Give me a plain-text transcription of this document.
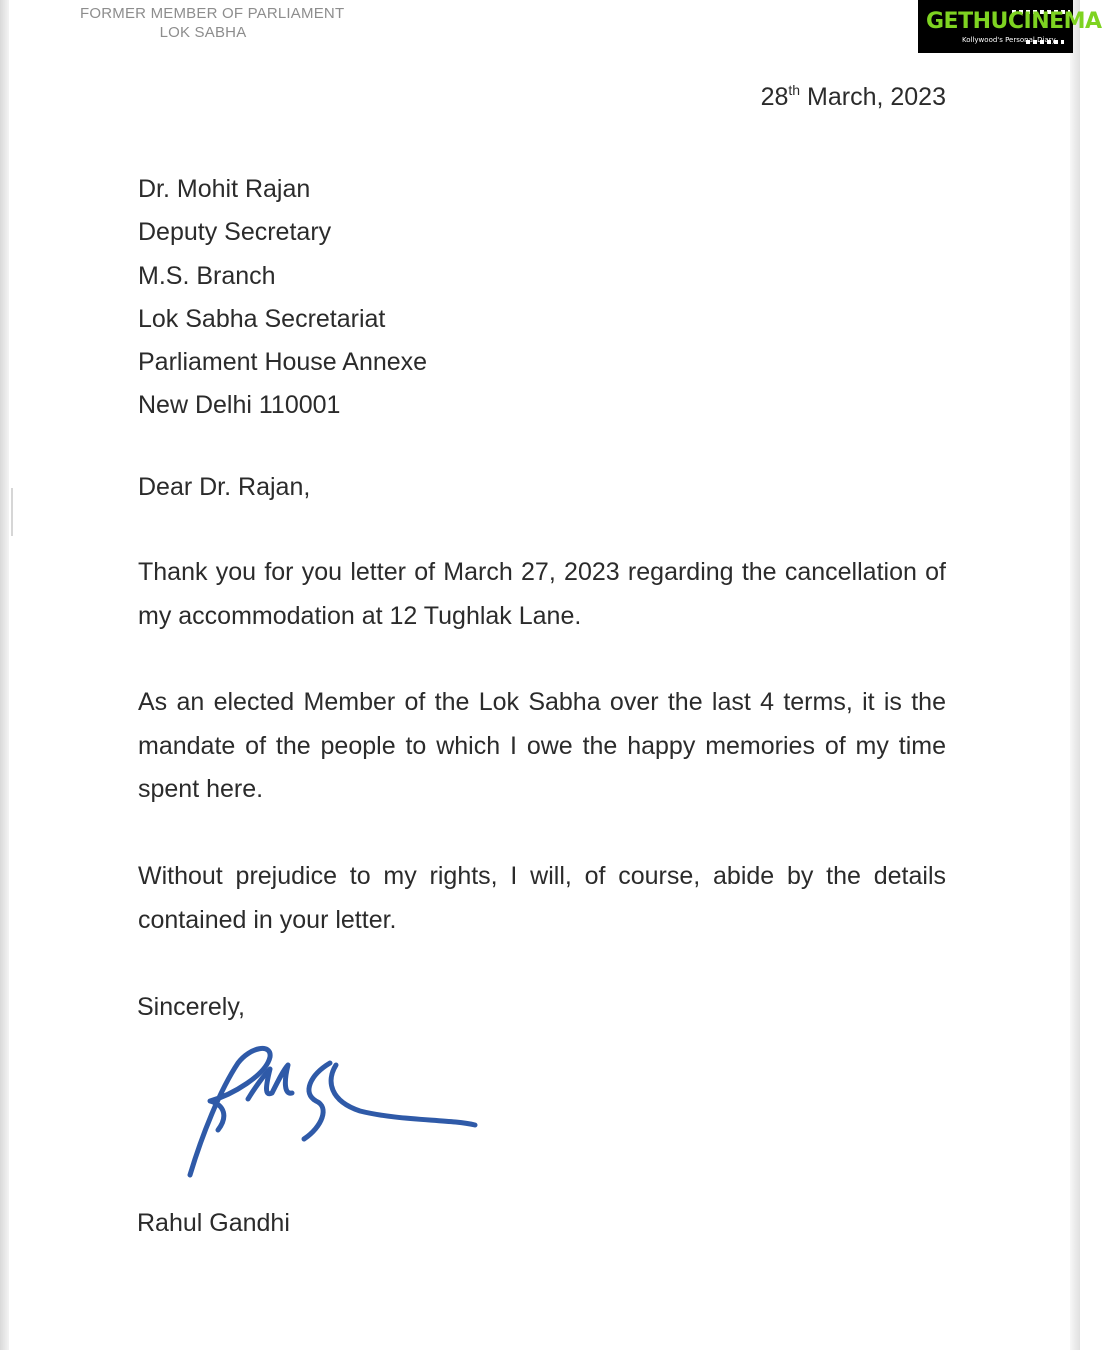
FORMER MEMBER OF PARLIAMENT
LOK SABHA	GETHUCINEMA
Kollywood's Personal Diary
28th March, 2023
Dr. Mohit Rajan
Deputy Secretary
M.S. Branch
Lok Sabha Secretariat
Parliament House Annexe
New Delhi 110001
Dear Dr. Rajan,
Thank you for you letter of March 27, 2023 regarding the cancellation of my accommodation at 12 Tughlak Lane.
As an elected Member of the Lok Sabha over the last 4 terms, it is the mandate of the people to which I owe the happy memories of my time spent here.
Without prejudice to my rights, I will, of course, abide by the details contained in your letter.
Sincerely,
Rahul Gandhi
